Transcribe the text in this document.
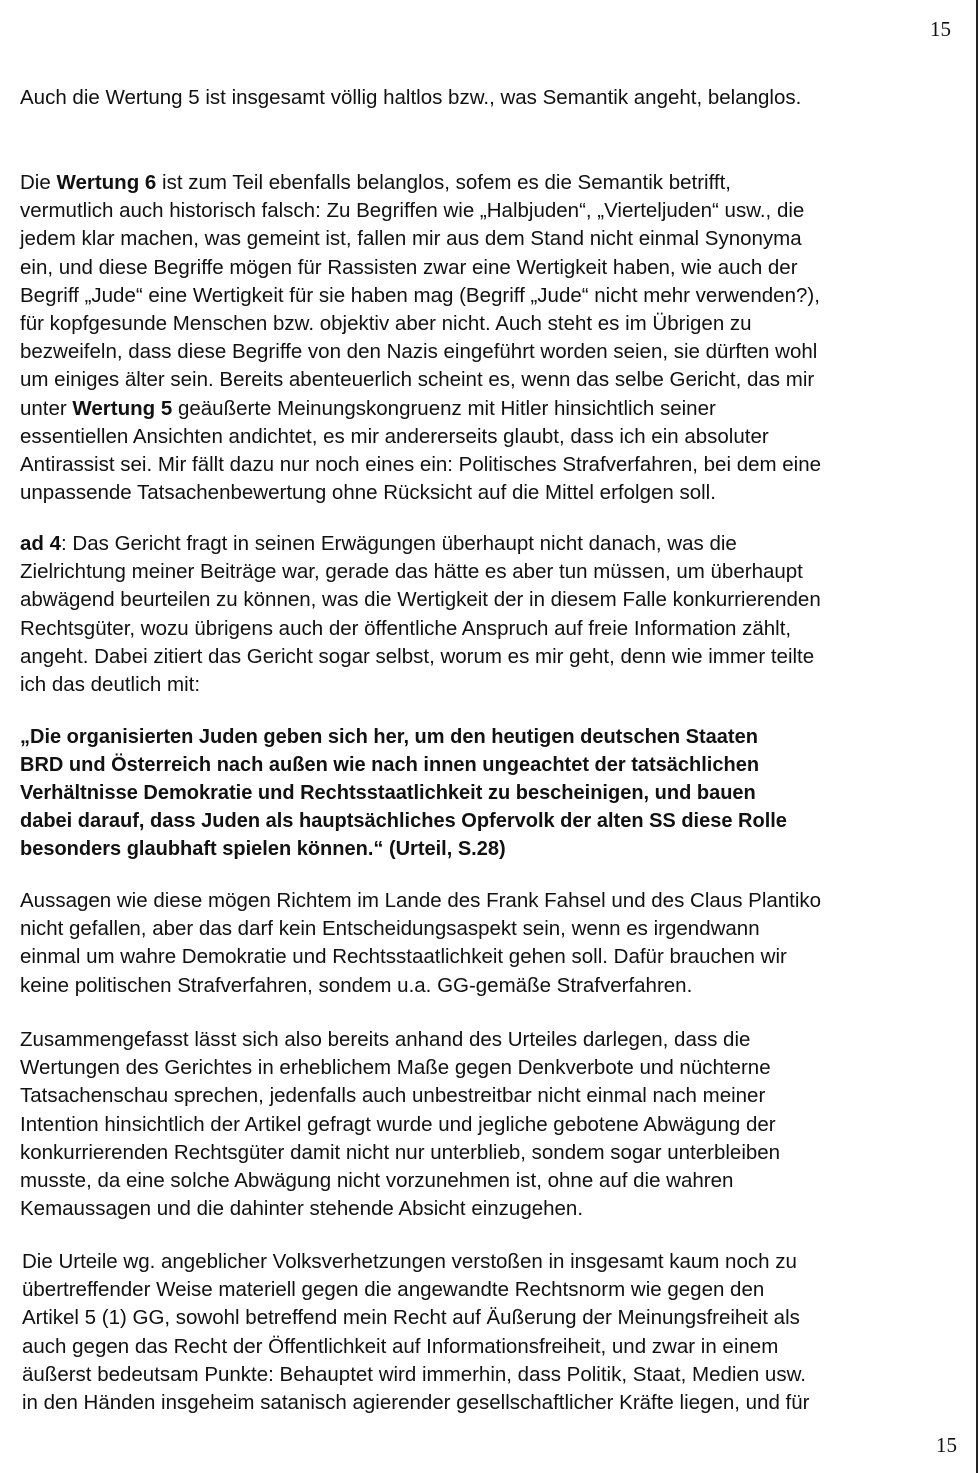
15
Auch die Wertung 5 ist insgesamt völlig haltlos bzw., was Semantik angeht, belanglos.
Die Wertung 6 ist zum Teil ebenfalls belanglos, sofem es die Semantik betrifft,
vermutlich auch historisch falsch: Zu Begriffen wie „Halbjuden“, „Vierteljuden“ usw., die
jedem klar machen, was gemeint ist, fallen mir aus dem Stand nicht einmal Synonyma
ein, und diese Begriffe mögen für Rassisten zwar eine Wertigkeit haben, wie auch der
Begriff „Jude“ eine Wertigkeit für sie haben mag (Begriff „Jude“ nicht mehr verwenden?),
für kopfgesunde Menschen bzw. objektiv aber nicht. Auch steht es im Übrigen zu
bezweifeln, dass diese Begriffe von den Nazis eingeführt worden seien, sie dürften wohl
um einiges älter sein. Bereits abenteuerlich scheint es, wenn das selbe Gericht, das mir
unter Wertung 5 geäußerte Meinungskongruenz mit Hitler hinsichtlich seiner
essentiellen Ansichten andichtet, es mir andererseits glaubt, dass ich ein absoluter
Antirassist sei. Mir fällt dazu nur noch eines ein: Politisches Strafverfahren, bei dem eine
unpassende Tatsachenbewertung ohne Rücksicht auf die Mittel erfolgen soll.
ad 4: Das Gericht fragt in seinen Erwägungen überhaupt nicht danach, was die
Zielrichtung meiner Beiträge war, gerade das hätte es aber tun müssen, um überhaupt
abwägend beurteilen zu können, was die Wertigkeit der in diesem Falle konkurrierenden
Rechtsgüter, wozu übrigens auch der öffentliche Anspruch auf freie Information zählt,
angeht. Dabei zitiert das Gericht sogar selbst, worum es mir geht, denn wie immer teilte
ich das deutlich mit:
„Die organisierten Juden geben sich her, um den heutigen deutschen Staaten
BRD und Österreich nach außen wie nach innen ungeachtet der tatsächlichen
Verhältnisse Demokratie und Rechtsstaatlichkeit zu bescheinigen, und bauen
dabei darauf, dass Juden als hauptsächliches Opfervolk der alten SS diese Rolle
besonders glaubhaft spielen können.“ (Urteil, S.28)
Aussagen wie diese mögen Richtem im Lande des Frank Fahsel und des Claus Plantiko
nicht gefallen, aber das darf kein Entscheidungsaspekt sein, wenn es irgendwann
einmal um wahre Demokratie und Rechtsstaatlichkeit gehen soll. Dafür brauchen wir
keine politischen Strafverfahren, sondem u.a. GG-gemäße Strafverfahren.
Zusammengefasst lässt sich also bereits anhand des Urteiles darlegen, dass die
Wertungen des Gerichtes in erheblichem Maße gegen Denkverbote und nüchterne
Tatsachenschau sprechen, jedenfalls auch unbestreitbar nicht einmal nach meiner
Intention hinsichtlich der Artikel gefragt wurde und jegliche gebotene Abwägung der
konkurrierenden Rechtsgüter damit nicht nur unterblieb, sondem sogar unterbleiben
musste, da eine solche Abwägung nicht vorzunehmen ist, ohne auf die wahren
Kemaussagen und die dahinter stehende Absicht einzugehen.
Die Urteile wg. angeblicher Volksverhetzungen verstoßen in insgesamt kaum noch zu
übertreffender Weise materiell gegen die angewandte Rechtsnorm wie gegen den
Artikel 5 (1) GG, sowohl betreffend mein Recht auf Äußerung der Meinungsfreiheit als
auch gegen das Recht der Öffentlichkeit auf Informationsfreiheit, und zwar in einem
äußerst bedeutsam Punkte: Behauptet wird immerhin, dass Politik, Staat, Medien usw.
in den Händen insgeheim satanisch agierender gesellschaftlicher Kräfte liegen, und für
15
